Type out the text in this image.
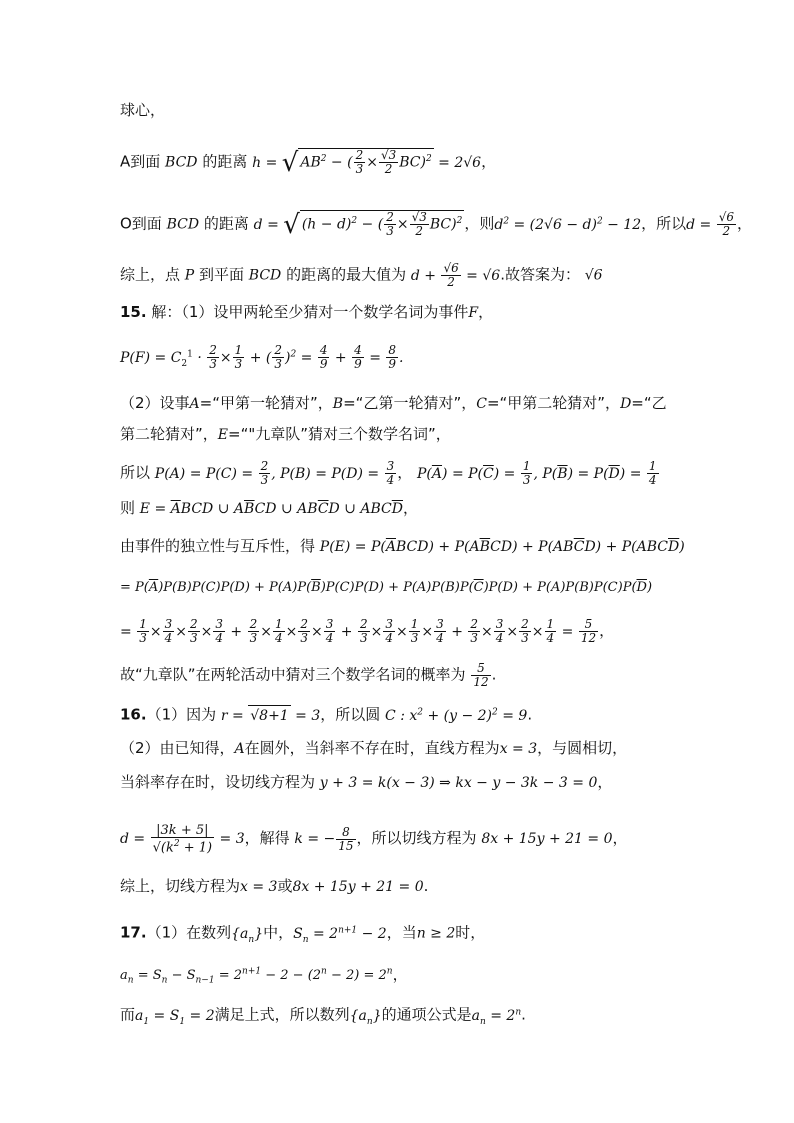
球心，
A到面 BCD 的距离 h = √ $AB^2$ − ( $\frac{2}{3} \times \frac{√3}{2} BC)^2 = 2√6$，
O到面 BCD 的距离 d = √ $(h - d)^2$ − ( $\frac{2}{3} \times \frac{√3}{2} BC)^2$ ，则$d^2 = (2√6 - d)^2 - 12$，所以$d = \frac{√6}{2}$ ，
综上，点 P 到平面 BCD 的距离的最大值为 $d + \frac{√6}{2} = √6$.故答案为： √6
15. 解：（1）设甲两轮至少猜对一个数学名词为事件F，
$P(F) = C_2^1 \cdot \frac{2}{3} \times \frac{1}{3}$ + ( $\frac{2}{3} )^2 = \frac{4}{9} + \frac{4}{9} = \frac{8}{9}$ .
（2）设事A=“甲第一轮猜对”，B=“乙第一轮猜对”，C=“甲第二轮猜对”，D=“乙
第二轮猜对”，E=“"九章队”猜对三个数学名词”，
所以 $P(A) = P(C) = \frac{2}{3}$ , $P(B) = P(D) = \frac{3}{4}$ ， $P(\overline{A}) = P(\overline{C}) = \frac{1}{3}$ , $P(\overline{B}) = P(\overline{D}) = \frac{1}{4}$
则 $E = \overline{A}BCD$ ∪ $A\overline{B}CD$ ∪ $AB\overline{C}D$ ∪ $ABC\overline{D}$，
由事件的独立性与互斥性，得 $P(E) = P(\overline{A}BCD) + P(A\overline{B}CD) + P(AB\overline{C}D) + P(ABC\overline{D})$
= $P(\overline{A})P(B)P(C)P(D) + P(A)P(\overline{B})P(C)P(D) + P(A)P(B)P(\overline{C})P(D) + P(A)P(B)P(C)P(\overline{D})$
= $\frac{1}{3} \times \frac{3}{4} \times \frac{2}{3} \times \frac{3}{4} + \frac{2}{3} \times \frac{1}{4} \times \frac{2}{3} \times \frac{3}{4} + \frac{2}{3} \times \frac{3}{4} \times \frac{1}{3} \times \frac{3}{4} + \frac{2}{3} \times \frac{3}{4} \times \frac{2}{3} \times \frac{1}{4} = \frac{5}{12}$ ，
故“九章队”在两轮活动中猜对三个数学名词的概率为 $\frac{5}{12}$ .
16.（1）因为 r = √8+1 = 3，所以圆 C : $x^2 + (y - 2)^2 = 9$.
（2）由已知得，A在圆外，当斜率不存在时，直线方程为x = 3，与圆相切，
当斜率存在时，设切线方程为 y + 3 = k(x − 3) ⇒ kx − y − 3k − 3 = 0，
$d = \frac{|3k + 5|}{√(k^2 + 1)} = 3$，解得 k = − $\frac{8}{15}$ ，所以切线方程为 8x + 15y + 21 = 0，
综上，切线方程为x = 3或8x + 15y + 21 = 0.
17.（1）在数列$\{a_n\}$中，$S_n = 2^{n+1} - 2$，当n ≥ 2时，
$a_n = S_n - S_{n-1} = 2^{n+1} - 2 - (2^n - 2) = 2^n$，
而$a_1 = S_1 = 2$满足上式，所以数列$\{a_n\}$的通项公式是$a_n = 2^n$.
